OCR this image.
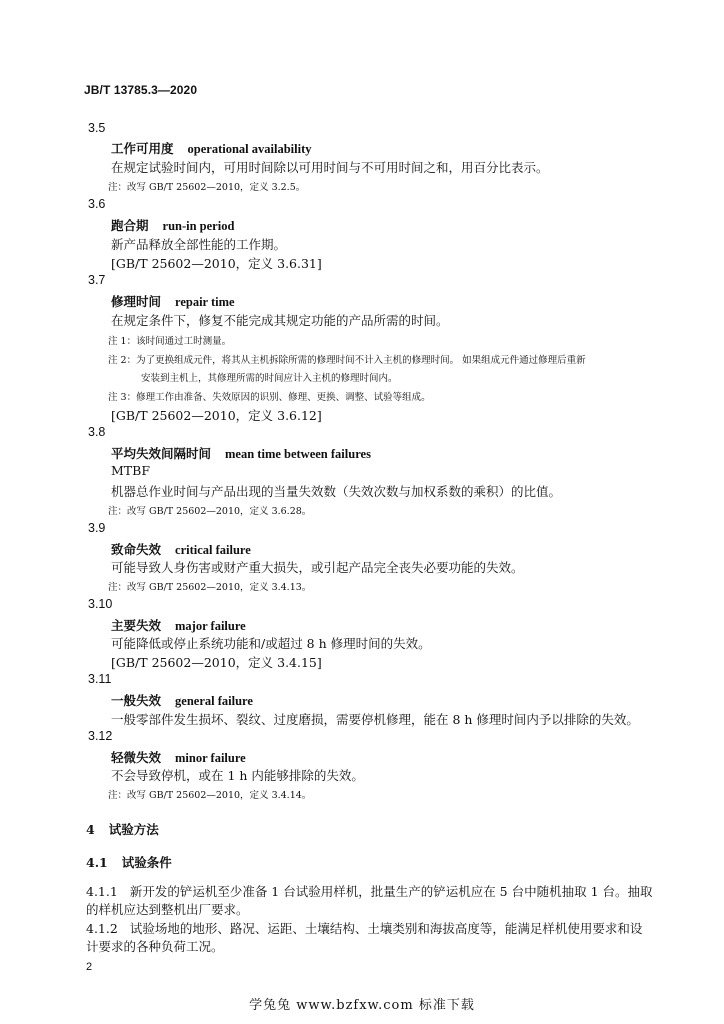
JB/T 13785.3—2020
3.5
工作可用度 operational availability
在规定试验时间内，可用时间除以可用时间与不可用时间之和，用百分比表示。
注：改写 GB/T 25602—2010，定义 3.2.5。
3.6
跑合期 run-in period
新产品释放全部性能的工作期。
[GB/T 25602—2010，定义 3.6.31]
3.7
修理时间 repair time
在规定条件下，修复不能完成其规定功能的产品所需的时间。
注 1：该时间通过工时测量。
注 2：为了更换组成元件，将其从主机拆除所需的修理时间不计入主机的修理时间。 如果组成元件通过修理后重新
安装到主机上，其修理所需的时间应计入主机的修理时间内。
注 3：修理工作由准备、失效原因的识别、修理、更换、调整、试验等组成。
[GB/T 25602—2010，定义 3.6.12]
3.8
平均失效间隔时间 mean time between failures
MTBF
机器总作业时间与产品出现的当量失效数（失效次数与加权系数的乘积）的比值。
注：改写 GB/T 25602—2010，定义 3.6.28。
3.9
致命失效 critical failure
可能导致人身伤害或财产重大损失，或引起产品完全丧失必要功能的失效。
注：改写 GB/T 25602—2010，定义 3.4.13。
3.10
主要失效 major failure
可能降低或停止系统功能和/或超过 8 h 修理时间的失效。
[GB/T 25602—2010，定义 3.4.15]
3.11
一般失效 general failure
一般零部件发生损坏、裂纹、过度磨损，需要停机修理，能在 8 h 修理时间内予以排除的失效。
3.12
轻微失效 minor failure
不会导致停机，或在 1 h 内能够排除的失效。
注：改写 GB/T 25602—2010，定义 3.4.14。
4 试验方法
4.1 试验条件
4.1.1 新开发的铲运机至少准备 1 台试验用样机，批量生产的铲运机应在 5 台中随机抽取 1 台。抽取
的样机应达到整机出厂要求。
4.1.2 试验场地的地形、路况、运距、土壤结构、土壤类别和海拔高度等，能满足样机使用要求和设
计要求的各种负荷工况。
2
学兔兔 www.bzfxw.com 标准下载
